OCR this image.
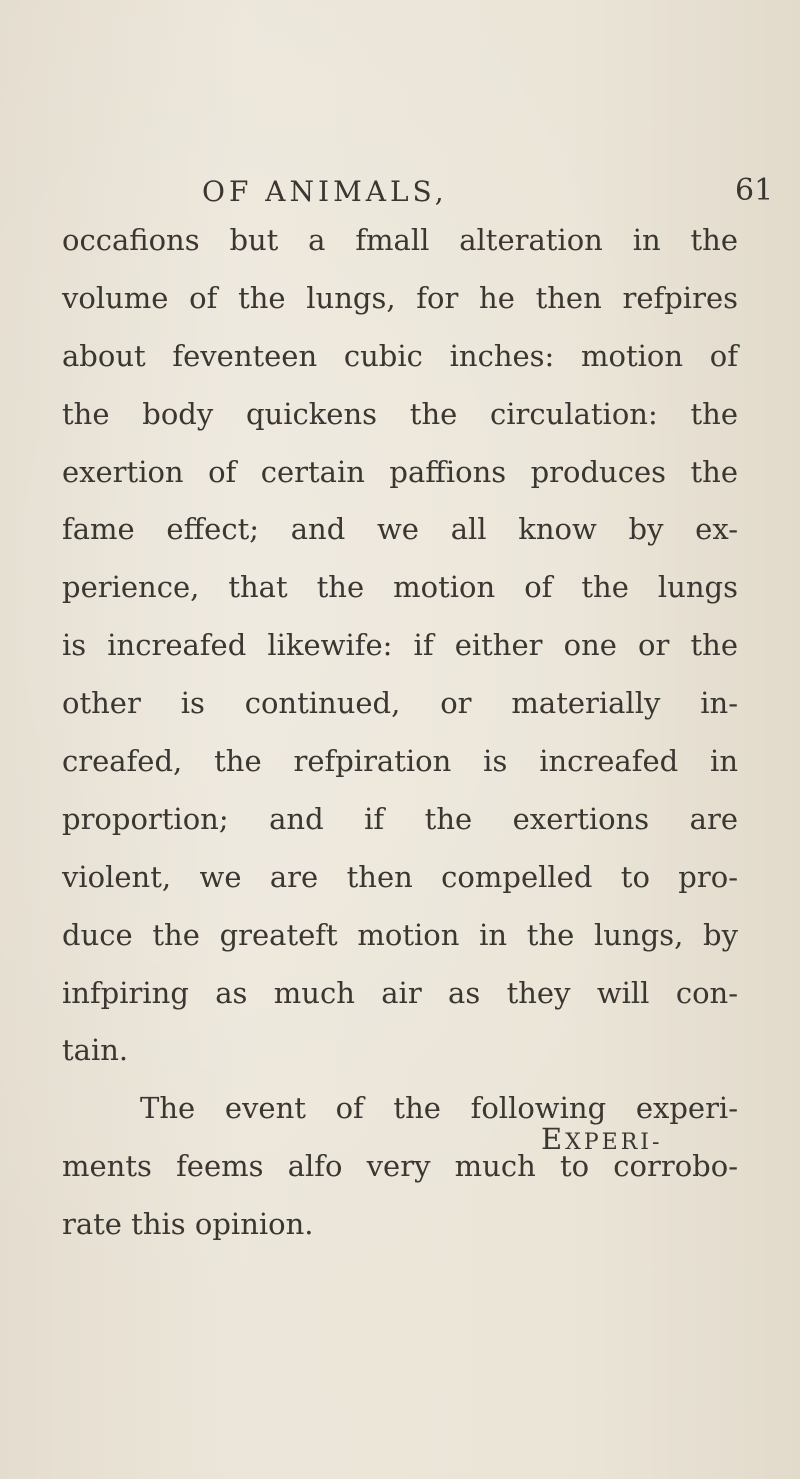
OF ANIMALS,	61
occafions but a fmall alteration in the
volume of the lungs, for he then refpires
about feventeen cubic inches: motion of
the body quickens the circulation: the
exertion of certain paffions produces the
fame effect; and we all know by ex-
perience, that the motion of the lungs
is increafed likewife: if either one or the
other is continued, or materially in-
creafed, the refpiration is increafed in
proportion; and if the exertions are
violent, we are then compelled to pro-
duce the greateft motion in the lungs, by
infpiring as much air as they will con-
tain.
The event of the following experi-
ments feems alfo very much to corrobo-
rate this opinion.
EXPERI-
